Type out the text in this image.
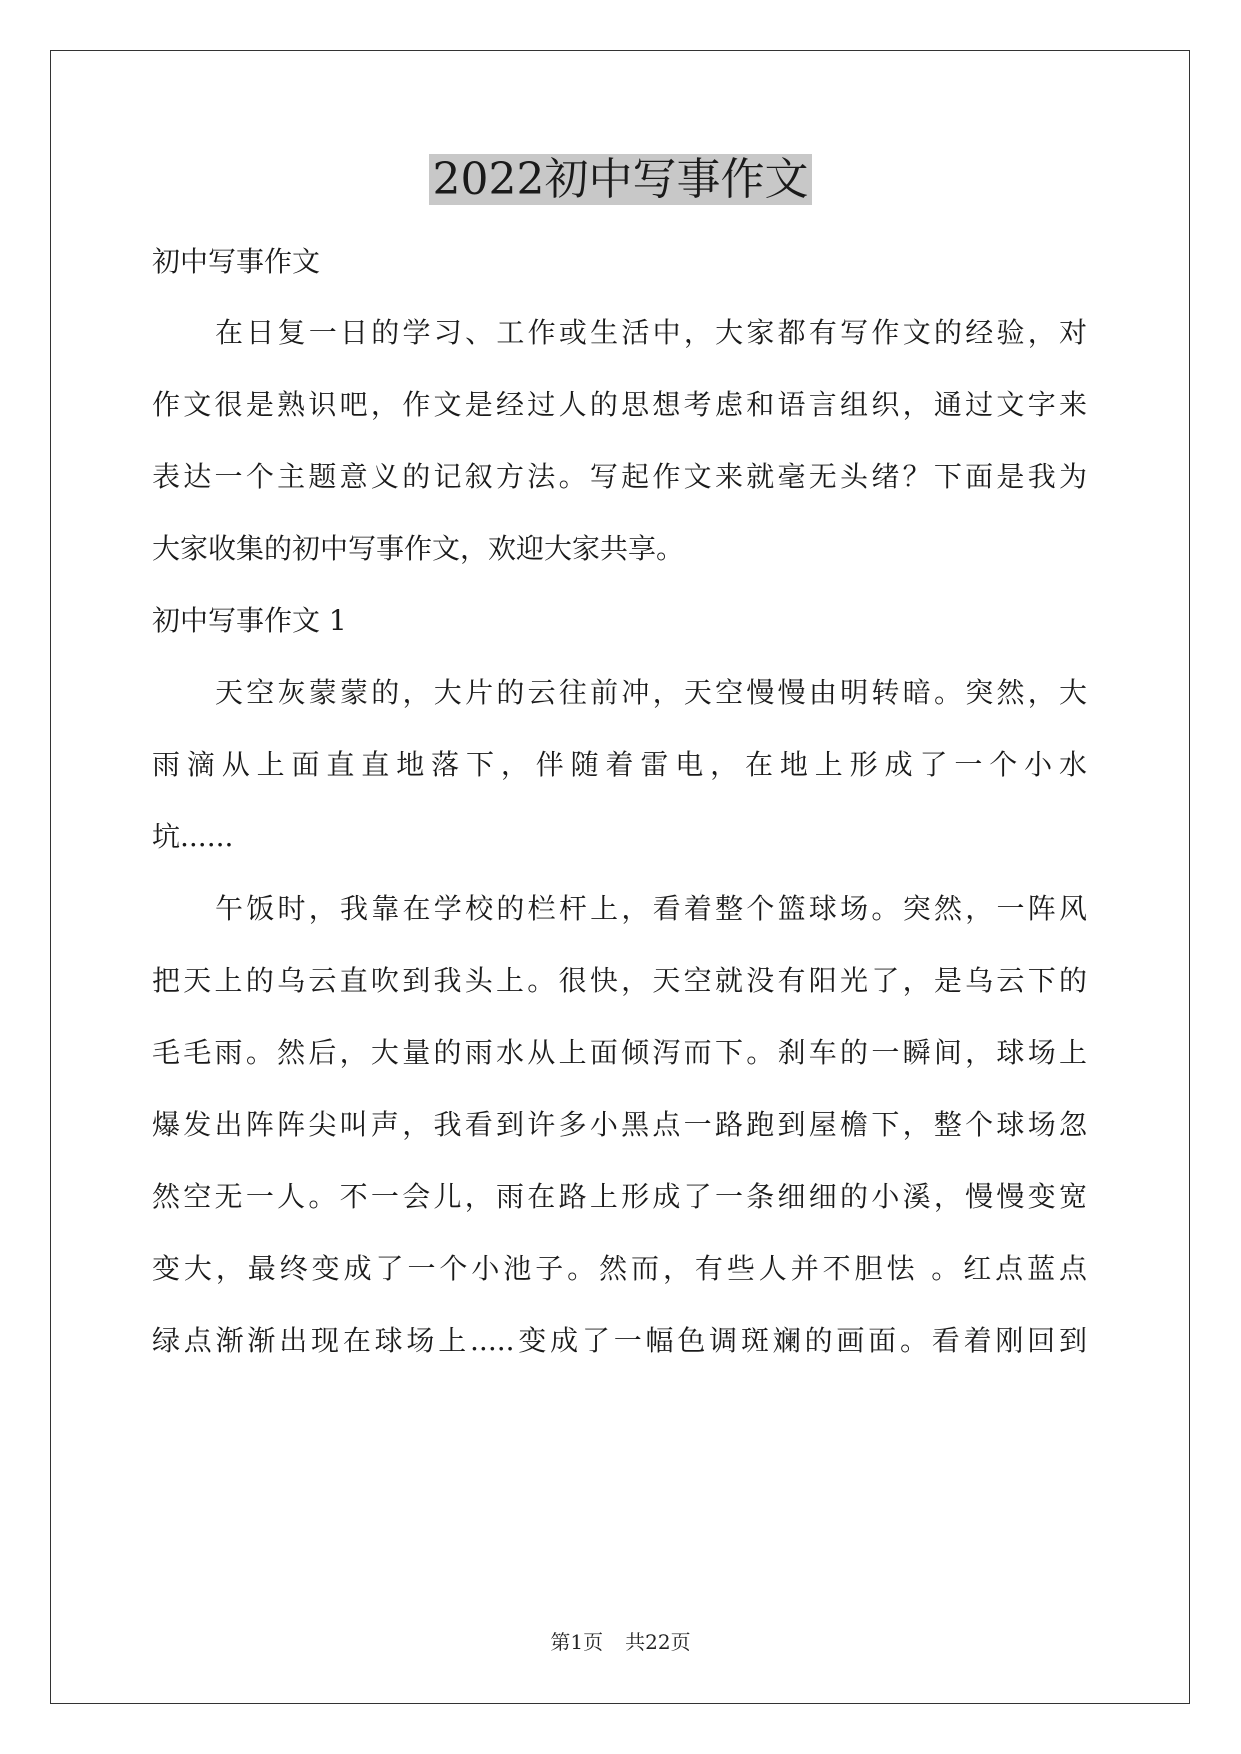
2022初中写事作文
初中写事作文
在日复一日的学习、工作或生活中，大家都有写作文的经验，对
作文很是熟识吧，作文是经过人的思想考虑和语言组织，通过文字来
表达一个主题意义的记叙方法。写起作文来就毫无头绪？下面是我为
大家收集的初中写事作文，欢迎大家共享。
初中写事作文 1
天空灰蒙蒙的，大片的云往前冲，天空慢慢由明转暗。突然，大
雨滴从上面直直地落下，伴随着雷电，在地上形成了一个小水
坑......
午饭时，我靠在学校的栏杆上，看着整个篮球场。突然，一阵风
把天上的乌云直吹到我头上。很快，天空就没有阳光了，是乌云下的
毛毛雨。然后，大量的雨水从上面倾泻而下。刹车的一瞬间，球场上
爆发出阵阵尖叫声，我看到许多小黑点一路跑到屋檐下，整个球场忽
然空无一人。不一会儿，雨在路上形成了一条细细的小溪，慢慢变宽
变大，最终变成了一个小池子。然而，有些人并不胆怯 。红点蓝点
绿点渐渐出现在球场上.....变成了一幅色调斑斓的画面。看着刚回到
第1页 共22页
